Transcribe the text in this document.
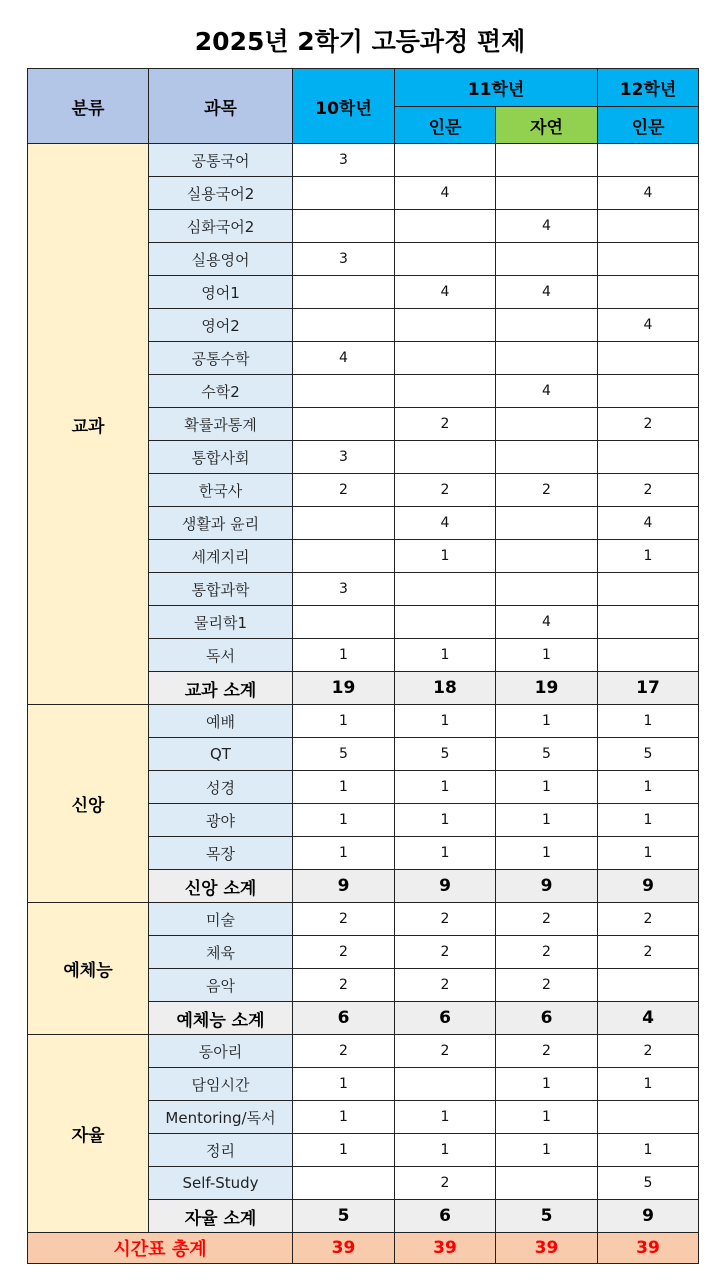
2025년 2학기 고등과정 편제
분류	과목	10학년	11학년		12학년
			인문	자연	인문
교과	공통국어	3			
	실용국어2		4		4
	심화국어2			4	
	실용영어	3			
	영어1		4	4	
	영어2				4
	공통수학	4			
	수학2			4	
	확률과통계		2		2
	통합사회	3			
	한국사	2	2	2	2
	생활과 윤리		4		4
	세계지리		1		1
	통합과학	3			
	물리학1			4	
	독서	1	1	1	
	교과 소계	19	18	19	17
신앙	예배	1	1	1	1
	QT	5	5	5	5
	성경	1	1	1	1
	광야	1	1	1	1
	목장	1	1	1	1
	신앙 소계	9	9	9	9
예체능	미술	2	2	2	2
	체육	2	2	2	2
	음악	2	2	2	
	예체능 소계	6	6	6	4
자율	동아리	2	2	2	2
	담임시간	1		1	1
	Mentoring/독서	1	1	1	
	정리	1	1	1	1
	Self-Study		2		5
	자율 소계	5	6	5	9
시간표 총계		39	39	39	39
